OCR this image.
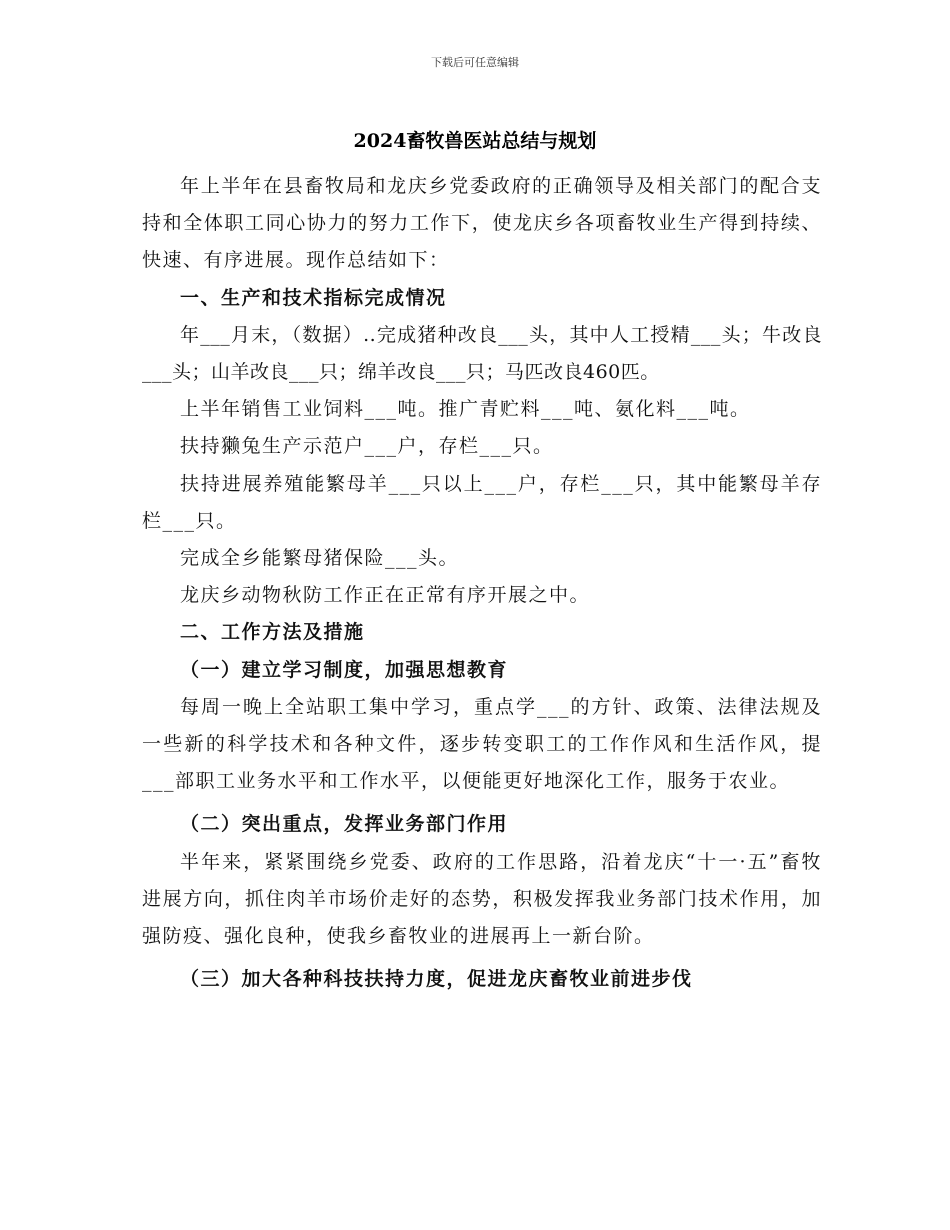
下载后可任意编辑
2024畜牧兽医站总结与规划

年上半年在县畜牧局和龙庆乡党委政府的正确领导及相关部门的配合支持和全体职工同心协力的努力工作下，使龙庆乡各项畜牧业生产得到持续、快速、有序进展。现作总结如下：

一、生产和技术指标完成情况

年___月末，（数据）..完成猪种改良___头，其中人工授精___头；牛改良___头；山羊改良___只；绵羊改良___只；马匹改良460匹。

上半年销售工业饲料___吨。推广青贮料___吨、氨化料___吨。

扶持獭兔生产示范户___户，存栏___只。

扶持进展养殖能繁母羊___只以上___户，存栏___只，其中能繁母羊存栏___只。

完成全乡能繁母猪保险___头。

龙庆乡动物秋防工作正在正常有序开展之中。

二、工作方法及措施

（一）建立学习制度，加强思想教育

每周一晚上全站职工集中学习，重点学___的方针、政策、法律法规及一些新的科学技术和各种文件，逐步转变职工的工作作风和生活作风，提___部职工业务水平和工作水平，以便能更好地深化工作，服务于农业。

（二）突出重点，发挥业务部门作用

半年来，紧紧围绕乡党委、政府的工作思路，沿着龙庆“十一·五”畜牧进展方向，抓住肉羊市场价走好的态势，积极发挥我业务部门技术作用，加强防疫、强化良种，使我乡畜牧业的进展再上一新台阶。

（三）加大各种科技扶持力度，促进龙庆畜牧业前进步伐
